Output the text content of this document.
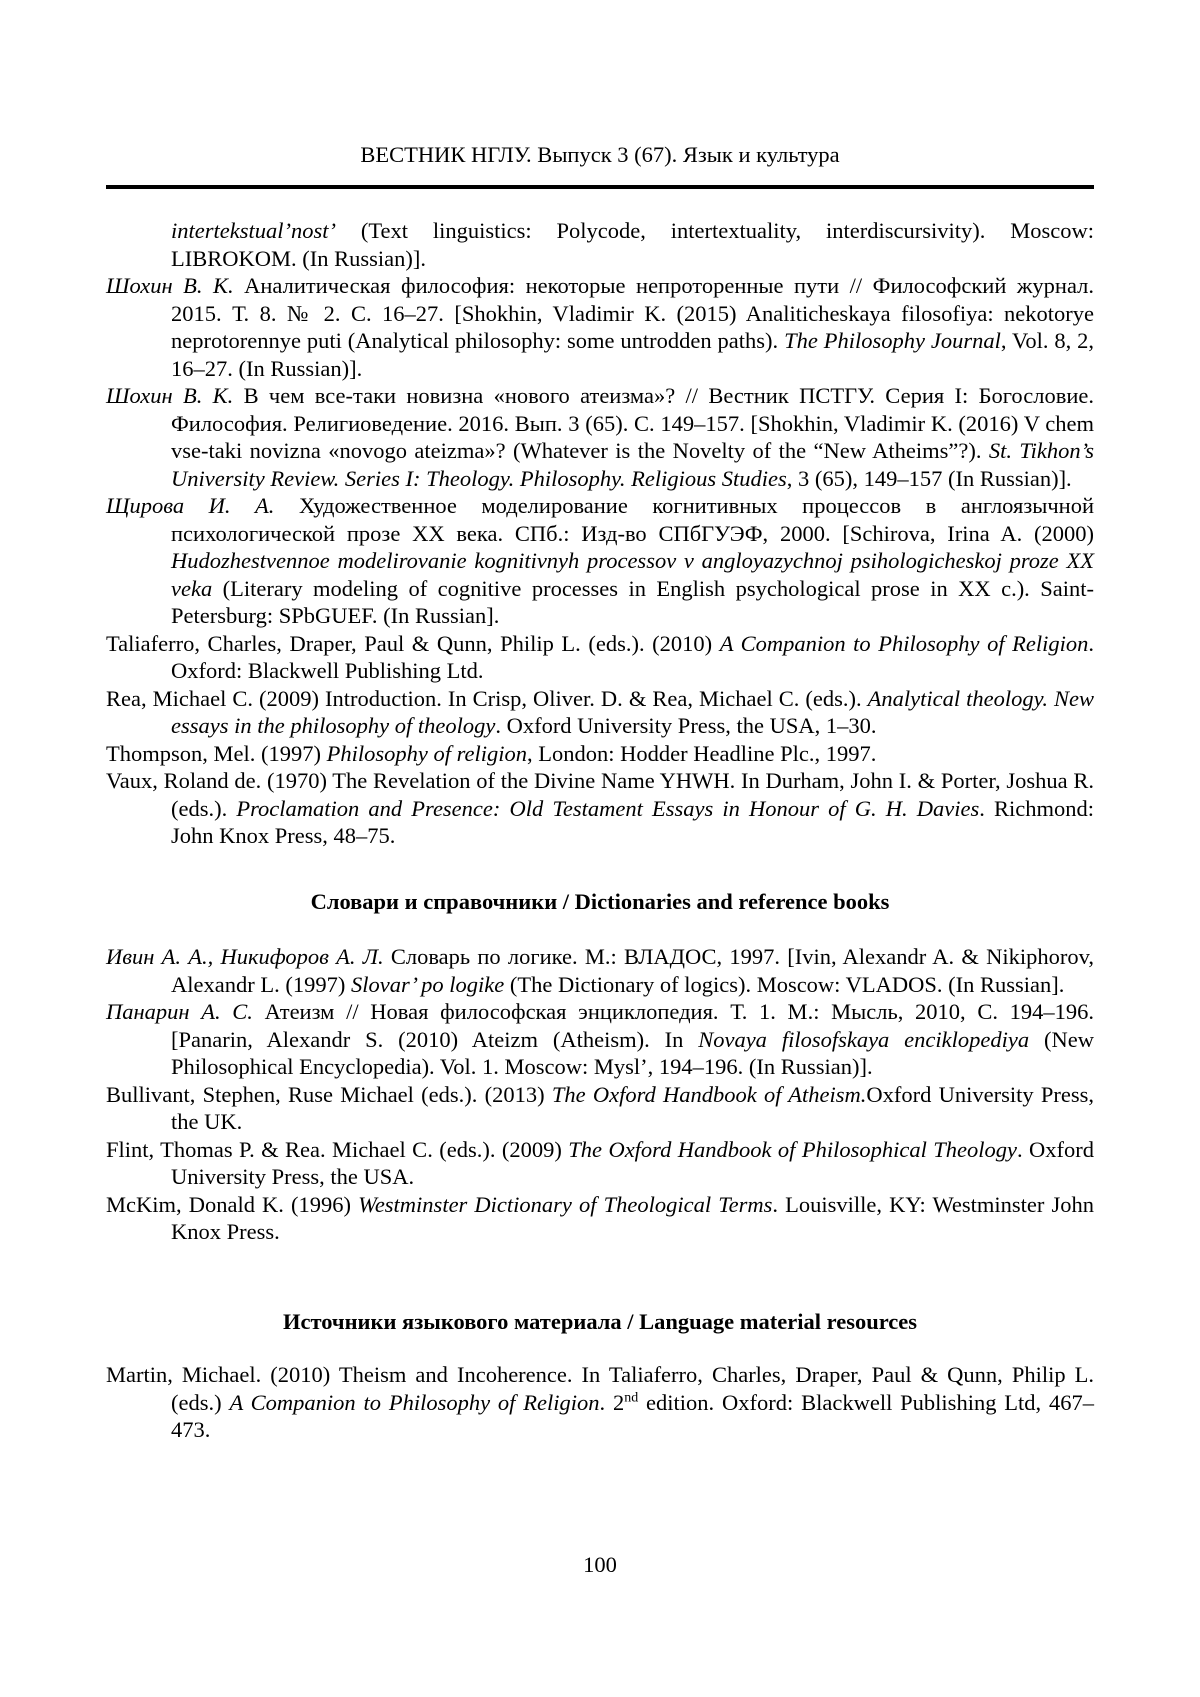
ВЕСТНИК НГЛУ. Выпуск 3 (67). Язык и культура

intertekstual’nost’ (Text linguistics: Polycode, intertextuality, interdiscursivity). Moscow: LIBROKOM. (In Russian)].

Шохин В. К. Аналитическая философия: некоторые непроторенные пути // Философский журнал. 2015. Т. 8. № 2. С. 16–27. [Shokhin, Vladimir K. (2015) Analiticheskaya filosofiya: nekotorye neprotorennye puti (Analytical philosophy: some untrodden paths). The Philosophy Journal, Vol. 8, 2, 16–27. (In Russian)].

Шохин В. К. В чем все-таки новизна «нового атеизма»? // Вестник ПСТГУ. Серия I: Богословие. Философия. Религиоведение. 2016. Вып. 3 (65). С. 149–157. [Shokhin, Vladimir K. (2016) V chem vse-taki novizna «novogo ateizma»? (Whatever is the Novelty of the “New Atheims”?). St. Tikhon’s University Review. Series I: Theology. Philosophy. Religious Studies, 3 (65), 149–157 (In Russian)].

Щирова И. А. Художественное моделирование когнитивных процессов в англоязычной психологической прозе XX века. СПб.: Изд-во СПбГУЭФ, 2000. [Schirova, Irina A. (2000) Hudozhestvennoe modelirovanie kognitivnyh processov v angloyazychnoj psihologicheskoj proze XX veka (Literary modeling of cognitive processes in English psychological prose in XX c.). Saint-Petersburg: SPbGUEF. (In Russian].

Taliaferro, Charles, Draper, Paul & Qunn, Philip L. (eds.). (2010) A Companion to Philosophy of Religion. Oxford: Blackwell Publishing Ltd.

Rea, Michael C. (2009) Introduction. In Crisp, Oliver. D. & Rea, Michael C. (eds.). Analytical theology. New essays in the philosophy of theology. Oxford University Press, the USA, 1–30.

Thompson, Mel. (1997) Philosophy of religion, London: Hodder Headline Plc., 1997.

Vaux, Roland de. (1970) The Revelation of the Divine Name YHWH. In Durham, John I. & Porter, Joshua R. (eds.). Proclamation and Presence: Old Testament Essays in Honour of G. H. Davies. Richmond: John Knox Press, 48–75.

Словари и справочники / Dictionaries and reference books

Ивин А. А., Никифоров А. Л. Словарь по логике. М.: ВЛАДОС, 1997. [Ivin, Alexandr A. & Nikiphorov, Alexandr L. (1997) Slovar’ po logike (The Dictionary of logics). Moscow: VLADOS. (In Russian].

Панарин А. С. Атеизм // Новая философская энциклопедия. Т. 1. М.: Мысль, 2010, С. 194–196. [Panarin, Alexandr S. (2010) Ateizm (Atheism). In Novaya filosofskaya enciklopediya (New Philosophical Encyclopedia). Vol. 1. Moscow: Mysl’, 194–196. (In Russian)].

Bullivant, Stephen, Ruse Michael (eds.). (2013) The Oxford Handbook of Atheism.Oxford University Press, the UK.

Flint, Thomas P. & Rea. Michael C. (eds.). (2009) The Oxford Handbook of Philosophical Theology. Oxford University Press, the USA.

McKim, Donald K. (1996) Westminster Dictionary of Theological Terms. Louisville, KY: Westminster John Knox Press.

Источники языкового материала / Language material resources

Martin, Michael. (2010) Theism and Incoherence. In Taliaferro, Charles, Draper, Paul & Qunn, Philip L. (eds.) A Companion to Philosophy of Religion. 2nd edition. Oxford: Blackwell Publishing Ltd, 467–473.

100
